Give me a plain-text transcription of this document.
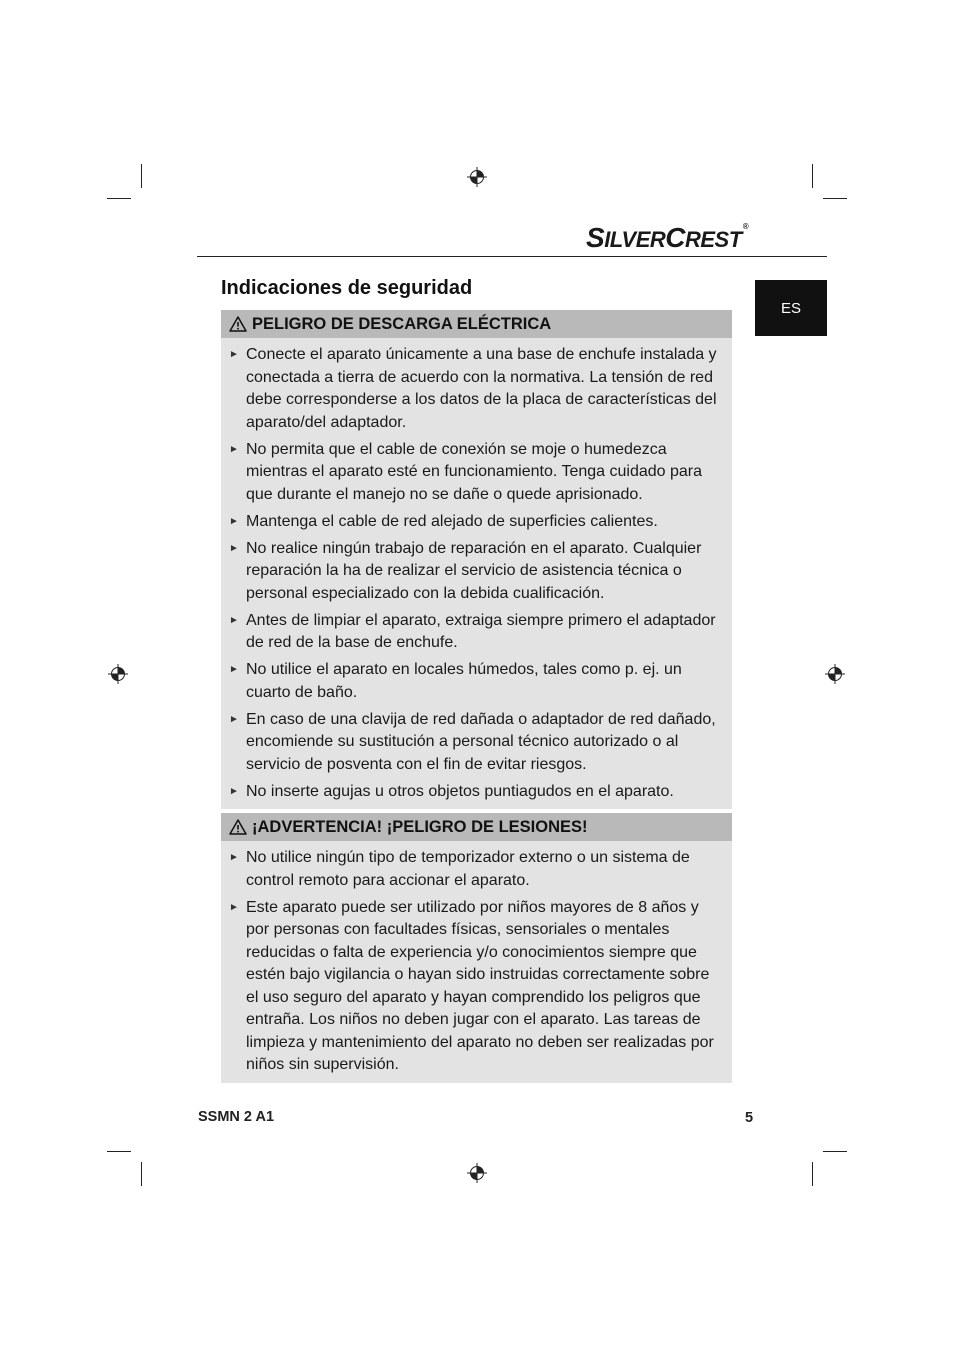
SILVERCREST®
ES
Indicaciones de seguridad
PELIGRO DE DESCARGA ELÉCTRICA
► Conecte el aparato únicamente a una base de enchufe instalada y conectada a tierra de acuerdo con la normativa. La tensión de red debe corresponderse a los datos de la placa de características del aparato/del adaptador.
► No permita que el cable de conexión se moje o humedezca mientras el aparato esté en funcionamiento. Tenga cuidado para que durante el manejo no se dañe o quede aprisionado.
► Mantenga el cable de red alejado de superficies calientes.
► No realice ningún trabajo de reparación en el aparato. Cualquier reparación la ha de realizar el servicio de asistencia técnica o personal especializado con la debida cualificación.
► Antes de limpiar el aparato, extraiga siempre primero el adaptador de red de la base de enchufe.
► No utilice el aparato en locales húmedos, tales como p. ej. un cuarto de baño.
► En caso de una clavija de red dañada o adaptador de red dañado, encomiende su sustitución a personal técnico autorizado o al servicio de posventa con el fin de evitar riesgos.
► No inserte agujas u otros objetos puntiagudos en el aparato.
¡ADVERTENCIA! ¡PELIGRO DE LESIONES!
► No utilice ningún tipo de temporizador externo o un sistema de control remoto para accionar el aparato.
► Este aparato puede ser utilizado por niños mayores de 8 años y por personas con facultades físicas, sensoriales o mentales reducidas o falta de experiencia y/o conocimientos siempre que estén bajo vigilancia o hayan sido instruidas correctamente sobre el uso seguro del aparato y hayan comprendido los peligros que entraña. Los niños no deben jugar con el aparato. Las tareas de limpieza y mantenimiento del aparato no deben ser realizadas por niños sin supervisión.
SSMN 2 A1	5
